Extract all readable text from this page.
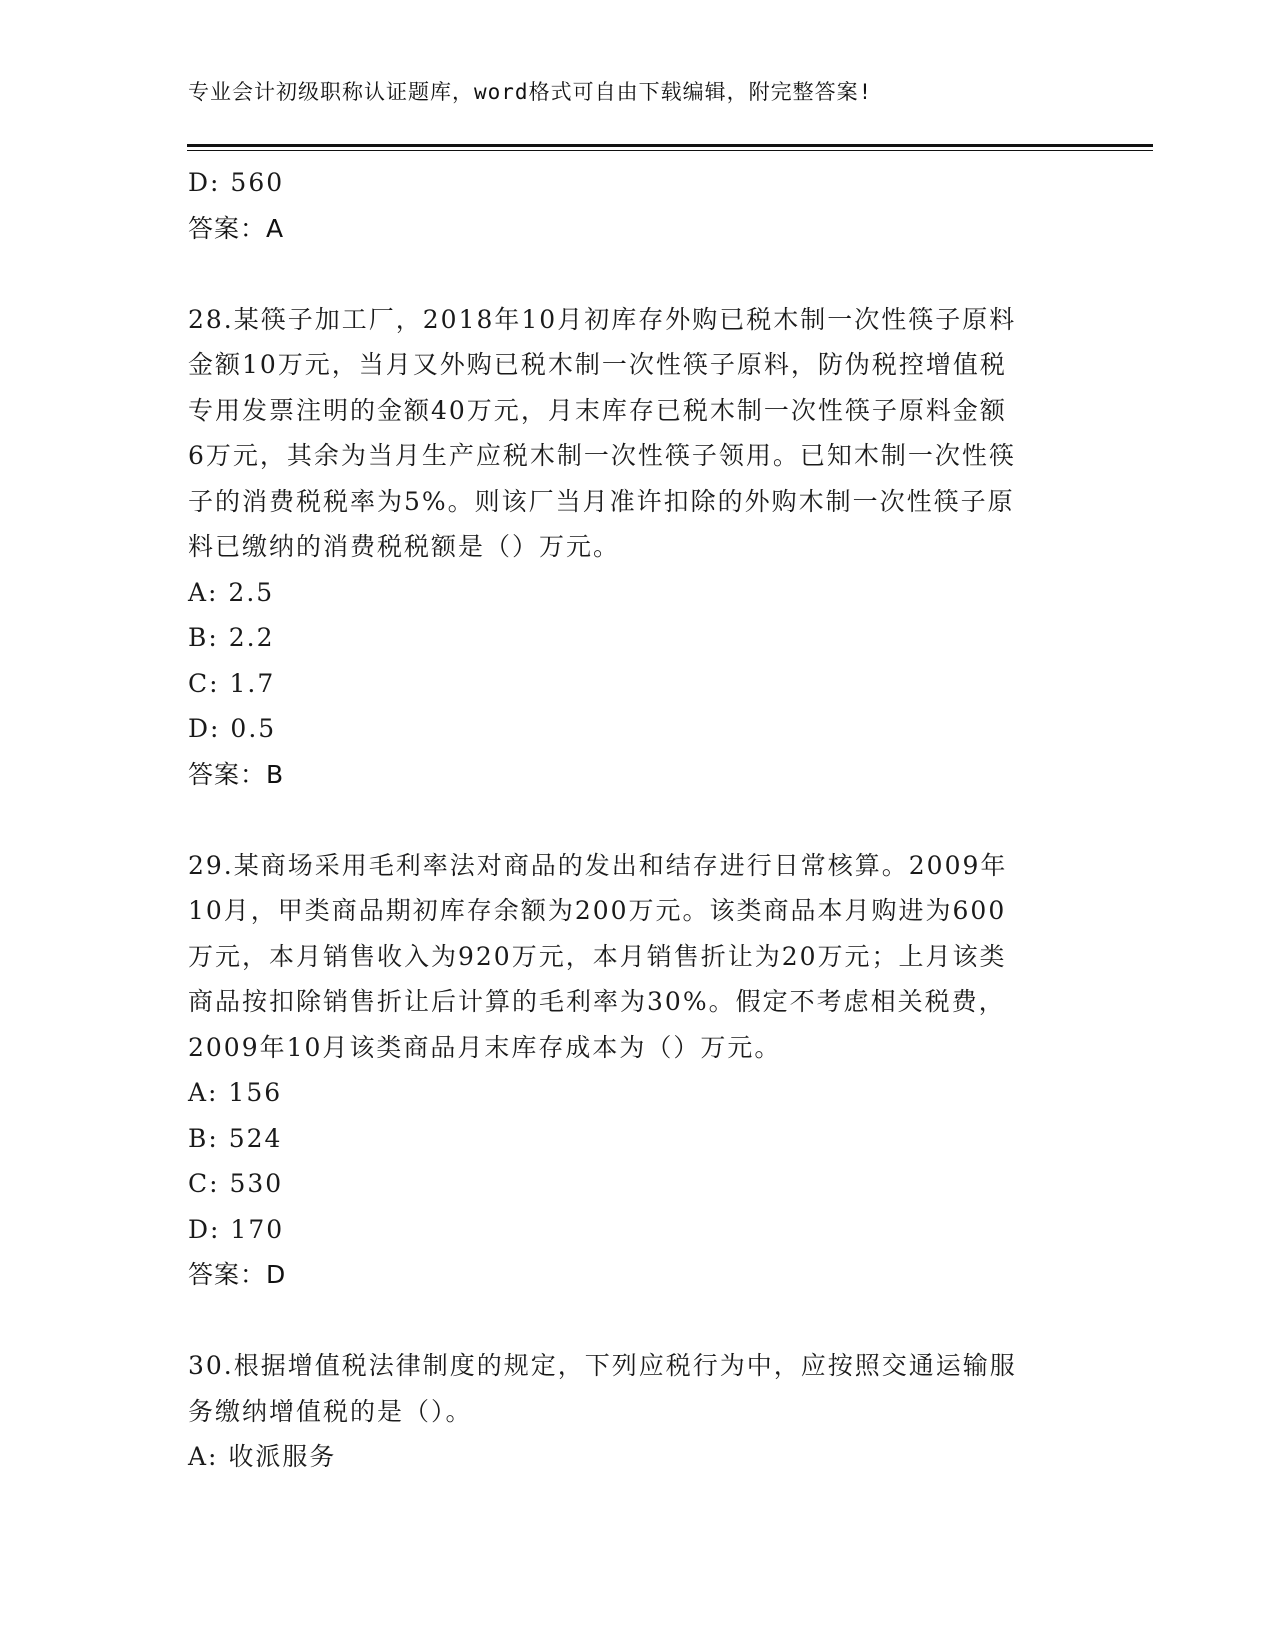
专业会计初级职称认证题库，word格式可自由下载编辑，附完整答案!
D: 560
答案：A
28.某筷子加工厂，2018年10月初库存外购已税木制一次性筷子原料
金额10万元，当月又外购已税木制一次性筷子原料，防伪税控增值税
专用发票注明的金额40万元，月末库存已税木制一次性筷子原料金额
6万元，其余为当月生产应税木制一次性筷子领用。已知木制一次性筷
子的消费税税率为5%。则该厂当月准许扣除的外购木制一次性筷子原
料已缴纳的消费税税额是（）万元。
A: 2.5
B: 2.2
C: 1.7
D: 0.5
答案：B
29.某商场采用毛利率法对商品的发出和结存进行日常核算。2009年
10月，甲类商品期初库存余额为200万元。该类商品本月购进为600
万元，本月销售收入为920万元，本月销售折让为20万元；上月该类
商品按扣除销售折让后计算的毛利率为30%。假定不考虑相关税费，
2009年10月该类商品月末库存成本为（）万元。
A: 156
B: 524
C: 530
D: 170
答案：D
30.根据增值税法律制度的规定，下列应税行为中，应按照交通运输服
务缴纳增值税的是（）。
A: 收派服务
